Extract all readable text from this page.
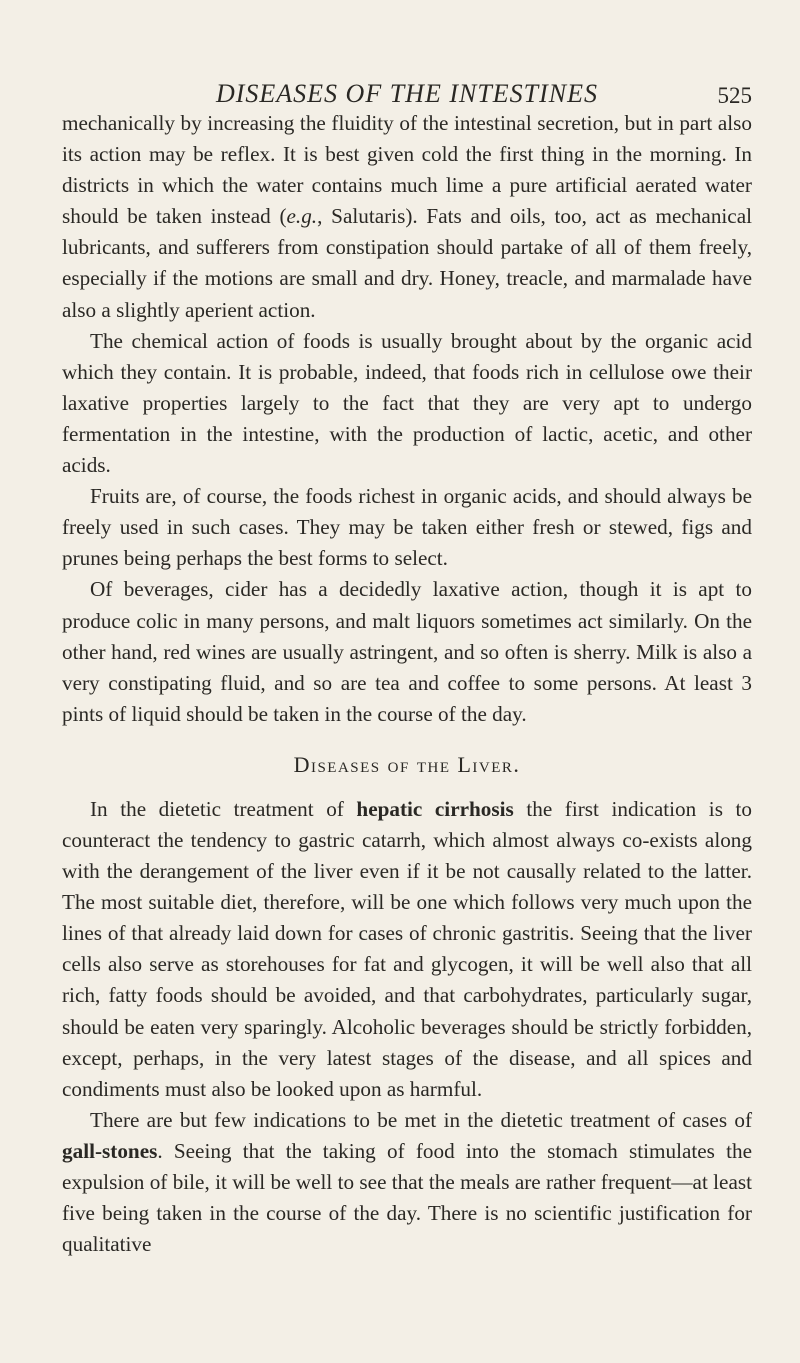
DISEASES OF THE INTESTINES	525

mechanically by increasing the fluidity of the intestinal secretion, but in part also its action may be reflex. It is best given cold the first thing in the morning. In districts in which the water contains much lime a pure artificial aerated water should be taken instead (e.g., Salutaris). Fats and oils, too, act as mechanical lubricants, and sufferers from constipation should partake of all of them freely, especially if the motions are small and dry. Honey, treacle, and marmalade have also a slightly aperient action.

The chemical action of foods is usually brought about by the organic acid which they contain. It is probable, indeed, that foods rich in cellulose owe their laxative properties largely to the fact that they are very apt to undergo fermentation in the intestine, with the production of lactic, acetic, and other acids.

Fruits are, of course, the foods richest in organic acids, and should always be freely used in such cases. They may be taken either fresh or stewed, figs and prunes being perhaps the best forms to select.

Of beverages, cider has a decidedly laxative action, though it is apt to produce colic in many persons, and malt liquors sometimes act similarly. On the other hand, red wines are usually astringent, and so often is sherry. Milk is also a very constipating fluid, and so are tea and coffee to some persons. At least 3 pints of liquid should be taken in the course of the day.

Diseases of the Liver.

In the dietetic treatment of hepatic cirrhosis the first indication is to counteract the tendency to gastric catarrh, which almost always co-exists along with the derangement of the liver even if it be not causally related to the latter. The most suitable diet, therefore, will be one which follows very much upon the lines of that already laid down for cases of chronic gastritis. Seeing that the liver cells also serve as storehouses for fat and glycogen, it will be well also that all rich, fatty foods should be avoided, and that carbohydrates, particularly sugar, should be eaten very sparingly. Alcoholic beverages should be strictly forbidden, except, perhaps, in the very latest stages of the disease, and all spices and condiments must also be looked upon as harmful.

There are but few indications to be met in the dietetic treatment of cases of gall-stones. Seeing that the taking of food into the stomach stimulates the expulsion of bile, it will be well to see that the meals are rather frequent—at least five being taken in the course of the day. There is no scientific justification for qualitative
